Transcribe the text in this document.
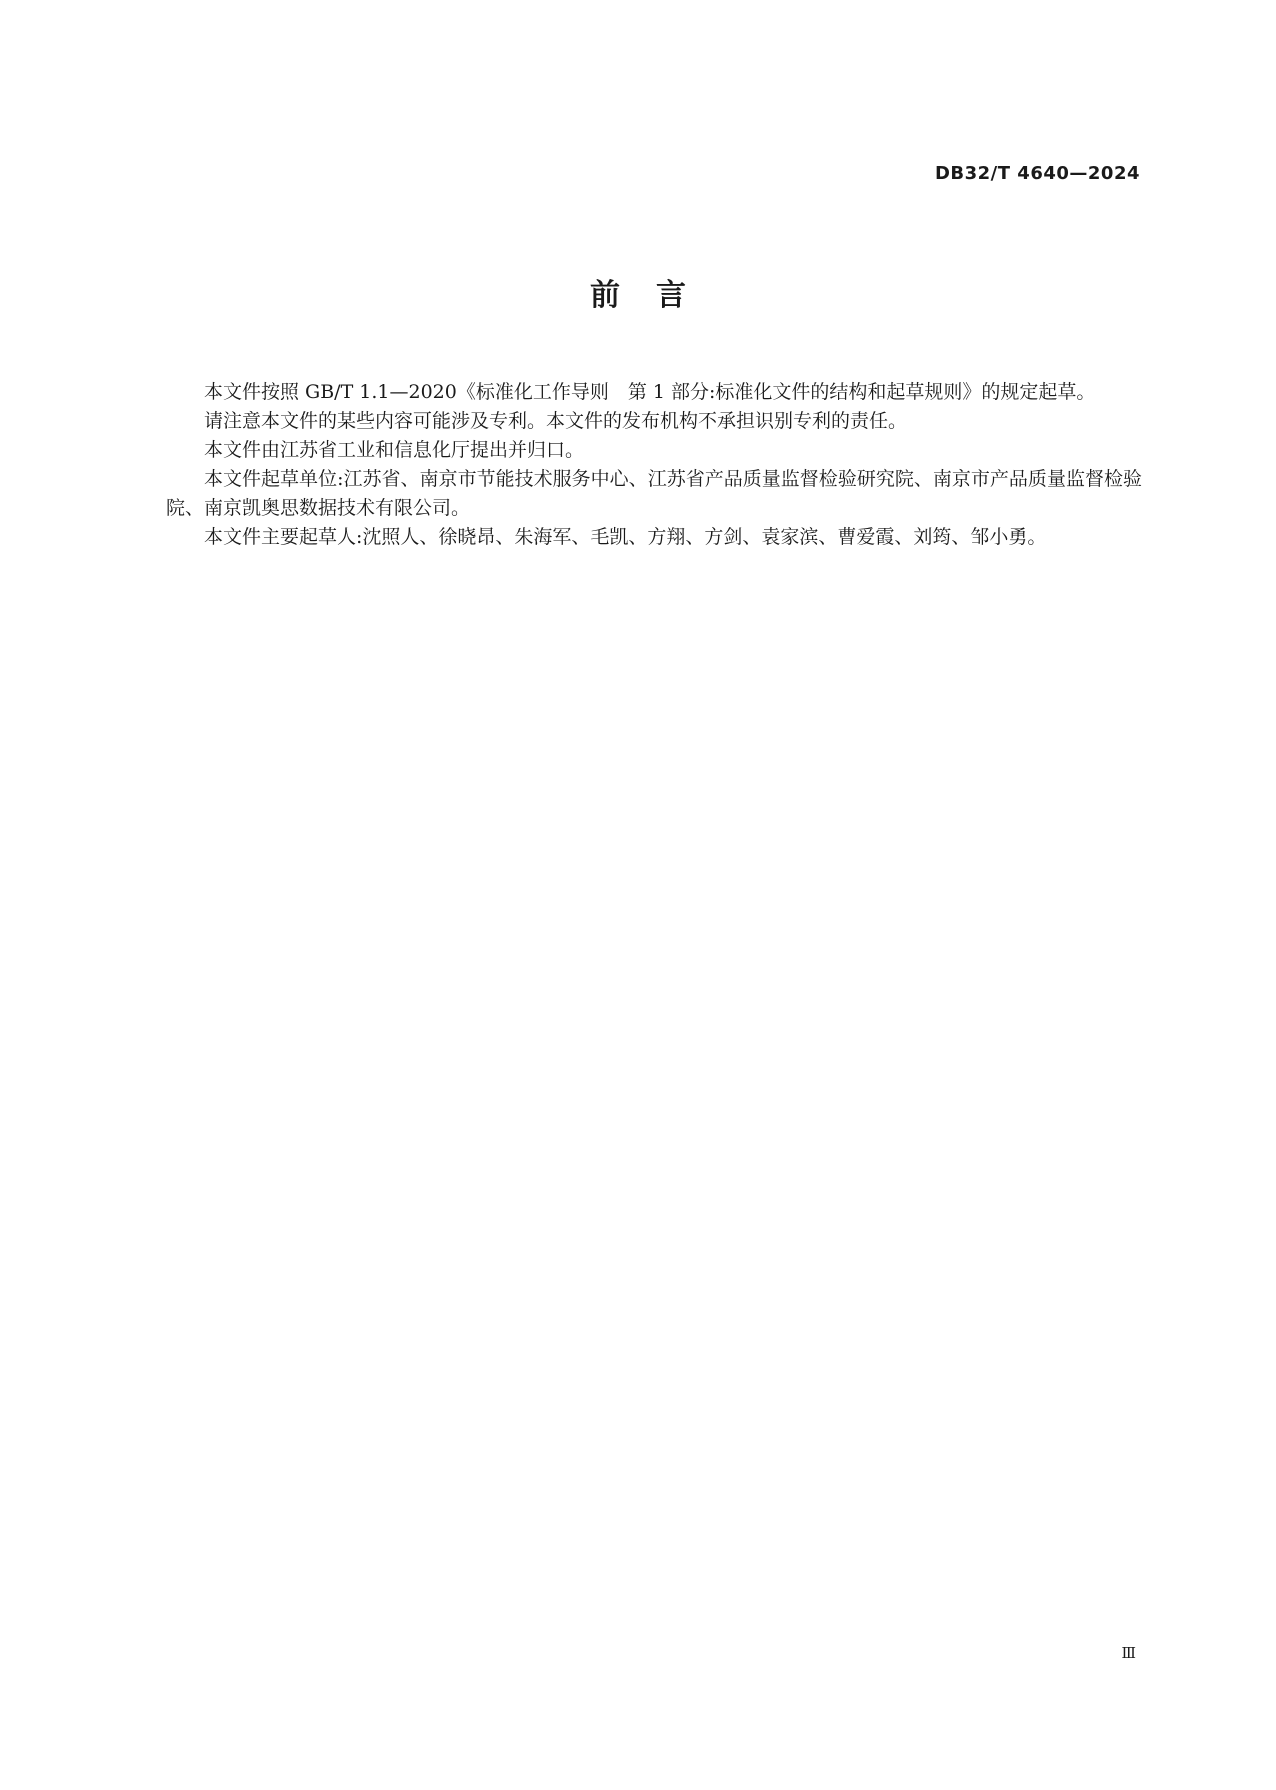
DB32/T 4640—2024
前言

本文件按照 GB/T 1.1—2020《标准化工作导则　第 1 部分:标准化文件的结构和起草规则》的规定起草。

请注意本文件的某些内容可能涉及专利。本文件的发布机构不承担识别专利的责任。

本文件由江苏省工业和信息化厅提出并归口。

本文件起草单位:江苏省、南京市节能技术服务中心、江苏省产品质量监督检验研究院、南京市产品质量监督检验院、南京凯奥思数据技术有限公司。

本文件主要起草人:沈照人、徐晓昂、朱海军、毛凯、方翔、方剑、袁家滨、曹爱霞、刘筠、邹小勇。

Ⅲ
